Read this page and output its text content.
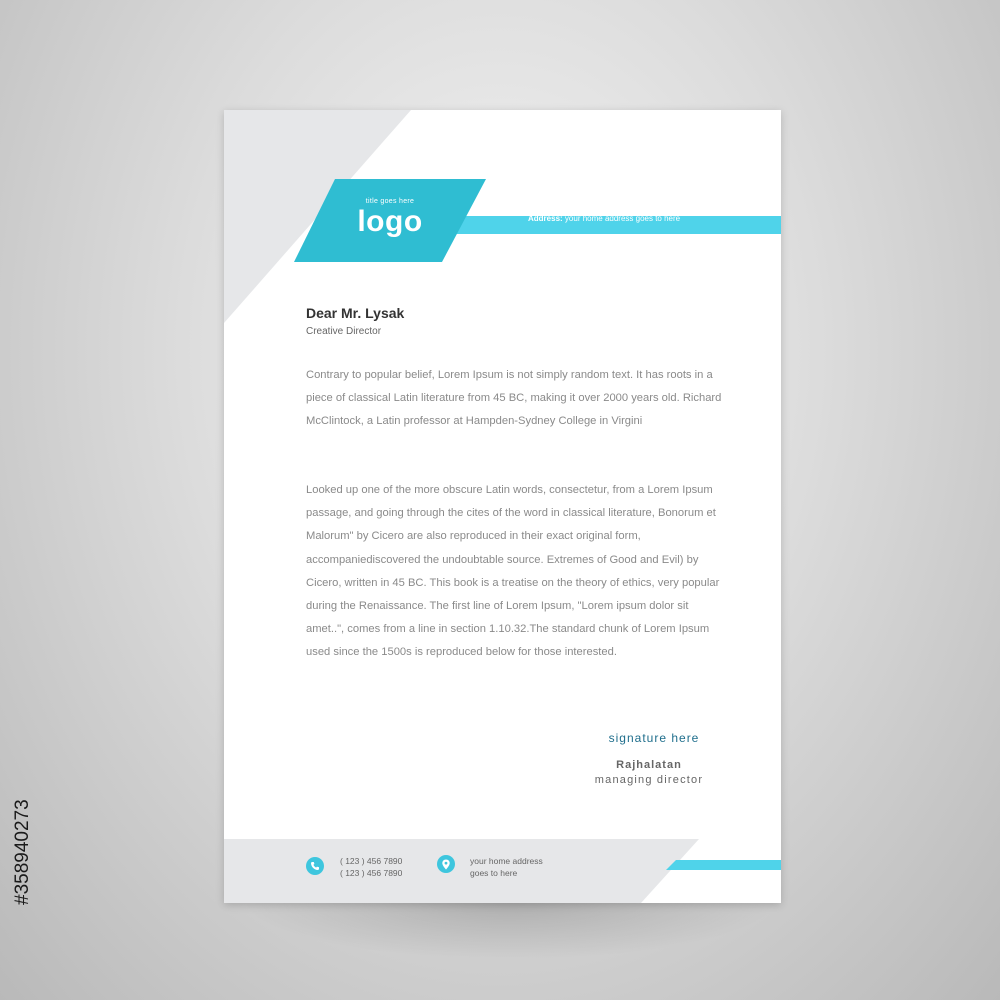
title goes here
logo	Address: your home address goes to here
Dear Mr. Lysak
Creative Director
Contrary to popular belief, Lorem Ipsum is not simply random text. It has roots in a piece of classical Latin literature from 45 BC, making it over 2000 years old. Richard McClintock, a Latin professor at Hampden-Sydney College in Virgini
Looked up one of the more obscure Latin words, consectetur, from a Lorem Ipsum passage, and going through the cites of the word in classical literature, Bonorum et Malorum" by Cicero are also reproduced in their exact original form, accompaniediscovered the undoubtable source. Extremes of Good and Evil) by Cicero, written in 45 BC. This book is a treatise on the theory of ethics, very popular during the Renaissance. The first line of Lorem Ipsum, "Lorem ipsum dolor sit amet..", comes from a line in section 1.10.32.The standard chunk of Lorem Ipsum used since the 1500s is reproduced below for those interested.
signature here
Rajhalatan
managing director
( 123 ) 456 7890
( 123 ) 456 7890
your home address
goes to here
#358940273
